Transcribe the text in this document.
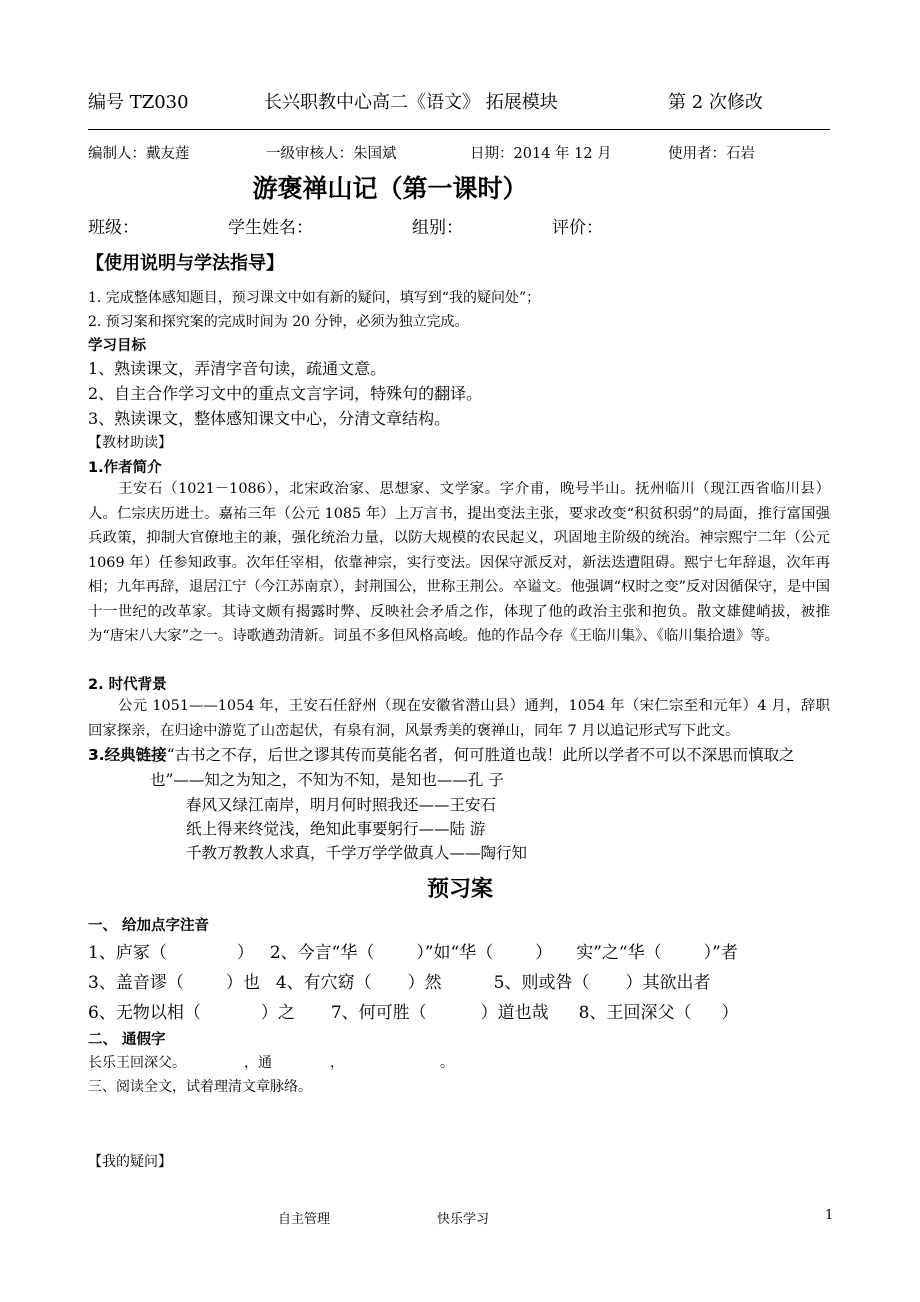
编号 TZ030	长兴职教中心高二《语文》 拓展模块	第 2 次修改
编制人：戴友莲	一级审核人：朱国斌	日期：2014 年 12 月	使用者：石岩
游褒禅山记（第一课时）
班级：	学生姓名：	组别：	评价：
【使用说明与学法指导】
1. 完成整体感知题目，预习课文中如有新的疑问，填写到“我的疑问处”；
2. 预习案和探究案的完成时间为 20 分钟，必须为独立完成。
学习目标
1、熟读课文，弄清字音句读，疏通文意。
2、自主合作学习文中的重点文言字词，特殊句的翻译。
3、熟读课文，整体感知课文中心，分清文章结构。
【教材助读】
1.作者简介
王安石（1021－1086），北宋政治家、思想家、文学家。字介甫，晚号半山。抚州临川（现江西省临川县）人。仁宗庆历进士。嘉祐三年（公元 1085 年）上万言书，提出变法主张，要求改变“积贫积弱”的局面，推行富国强兵政策，抑制大官僚地主的兼，强化统治力量，以防大规模的农民起义，巩固地主阶级的统治。神宗熙宁二年（公元 1069 年）任参知政事。次年任宰相，依靠神宗，实行变法。因保守派反对，新法迭遭阻碍。熙宁七年辞退，次年再相；九年再辞，退居江宁（今江苏南京），封荆国公，世称王荆公。卒谥文。他强调“权时之变”反对因循保守，是中国十一世纪的改革家。其诗文颇有揭露时弊、反映社会矛盾之作，体现了他的政治主张和抱负。散文雄健峭拔，被推为“唐宋八大家”之一。诗歌遒劲清新。词虽不多但风格高峻。他的作品今存《王临川集》、《临川集拾遗》等。
2. 时代背景
公元 1051——1054 年，王安石任舒州（现在安徽省潜山县）通判，1054 年（宋仁宗至和元年）4 月，辞职回家探亲，在归途中游览了山峦起伏，有泉有洞，风景秀美的褒禅山，同年 7 月以追记形式写下此文。
3.经典链接“古书之不存，后世之谬其传而莫能名者，何可胜道也哉！此所以学者不可以不深思而慎取之
也”——知之为知之，不知为不知，是知也——孔 子
春风又绿江南岸，明月何时照我还——王安石
纸上得来终觉浅，绝知此事要躬行——陆 游
千教万教教人求真，千学万学学做真人——陶行知
预习案
一、 给加点字注音
1、庐冢（	） 2、今言“华（ ）”如“华（ ） 实”之“华（ ）”者
3、盖音谬（ ）也 4、有穴窈（ ）然	5、则或咎（ ）其欲出者
6、无物以相（	）之 7、何可胜（	）道也哉 8、王回深父（ ）
二、 通假字
长乐王回深父。	，通	，	。
三、阅读全文，试着理清文章脉络。
【我的疑问】
自主管理	快乐学习	1
